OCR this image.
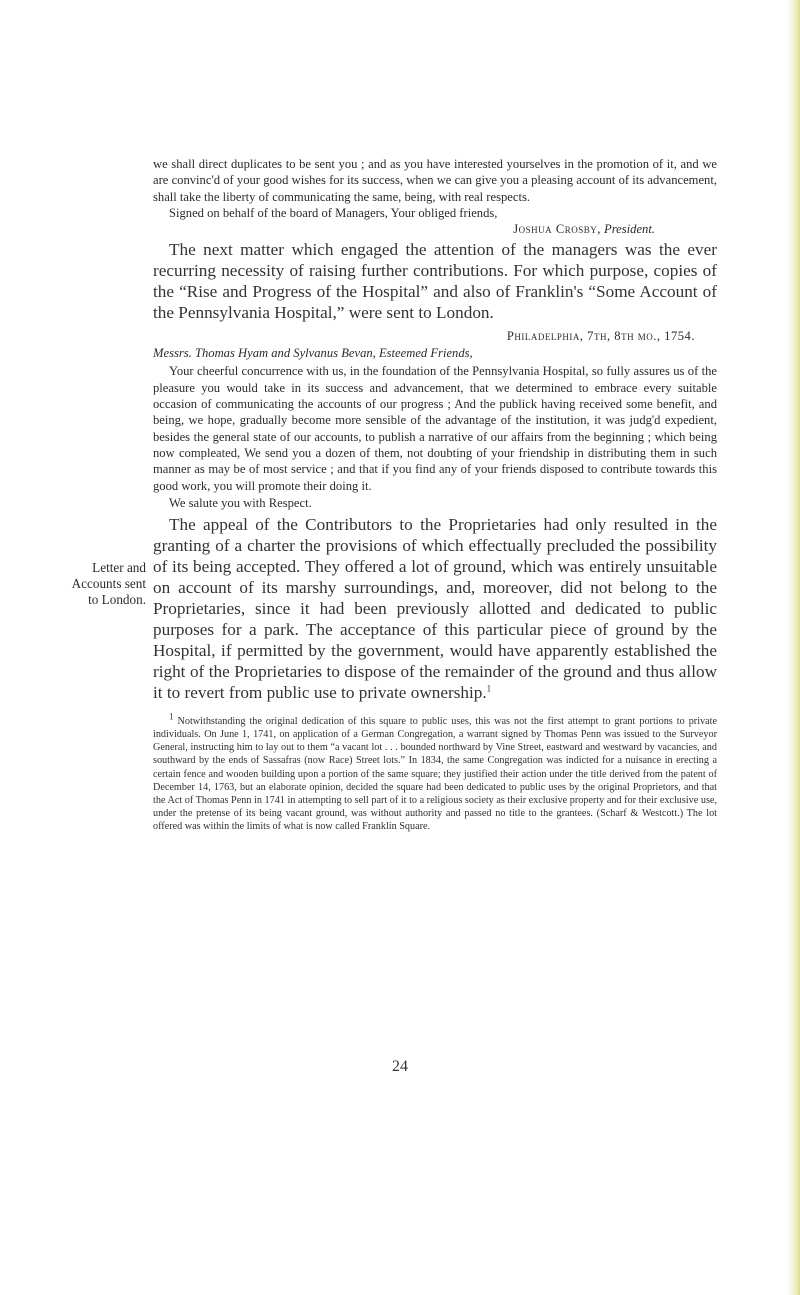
Letter and
Accounts sent
to London.

we shall direct duplicates to be sent you ; and as you have interested yourselves in the promotion of it, and we are convinc'd of your good wishes for its success, when we can give you a pleasing account of its advancement, shall take the liberty of communicating the same, being, with real respects.

Signed on behalf of the board of Managers, Your obliged friends,

Joshua Crosby, President.

The next matter which engaged the attention of the managers was the ever recurring necessity of raising further contributions. For which purpose, copies of the “Rise and Progress of the Hospital” and also of Franklin's “Some Account of the Pennsylvania Hospital,” were sent to London.

Philadelphia, 7th, 8th mo., 1754.

Messrs. Thomas Hyam and Sylvanus Bevan, Esteemed Friends,

Your cheerful concurrence with us, in the foundation of the Pennsylvania Hospital, so fully assures us of the pleasure you would take in its success and advancement, that we determined to embrace every suitable occasion of communicating the accounts of our progress ; And the publick having received some benefit, and being, we hope, gradually become more sensible of the advantage of the institution, it was judg'd expedient, besides the general state of our accounts, to publish a narrative of our affairs from the beginning ; which being now compleated, We send you a dozen of them, not doubting of your friendship in distributing them in such manner as may be of most service ; and that if you find any of your friends disposed to contribute towards this good work, you will promote their doing it.

We salute you with Respect.

The appeal of the Contributors to the Proprietaries had only resulted in the granting of a charter the provisions of which effectually precluded the possibility of its being accepted. They offered a lot of ground, which was entirely unsuitable on account of its marshy surroundings, and, moreover, did not belong to the Proprietaries, since it had been previously allotted and dedicated to public purposes for a park. The acceptance of this particular piece of ground by the Hospital, if permitted by the government, would have apparently established the right of the Proprietaries to dispose of the remainder of the ground and thus allow it to revert from public use to private ownership.$^1$

$^1$ Notwithstanding the original dedication of this square to public uses, this was not the first attempt to grant portions to private individuals. On June 1, 1741, on application of a German Congregation, a warrant signed by Thomas Penn was issued to the Surveyor General, instructing him to lay out to them “a vacant lot . . . bounded northward by Vine Street, eastward and westward by vacancies, and southward by the ends of Sassafras (now Race) Street lots.” In 1834, the same Congregation was indicted for a nuisance in erecting a certain fence and wooden building upon a portion of the same square; they justified their action under the title derived from the patent of December 14, 1763, but an elaborate opinion, decided the square had been dedicated to public uses by the original Proprietors, and that the Act of Thomas Penn in 1741 in attempting to sell part of it to a religious society as their exclusive property and for their exclusive use, under the pretense of its being vacant ground, was without authority and passed no title to the grantees. (Scharf & Westcott.) The lot offered was within the limits of what is now called Franklin Square.

24
